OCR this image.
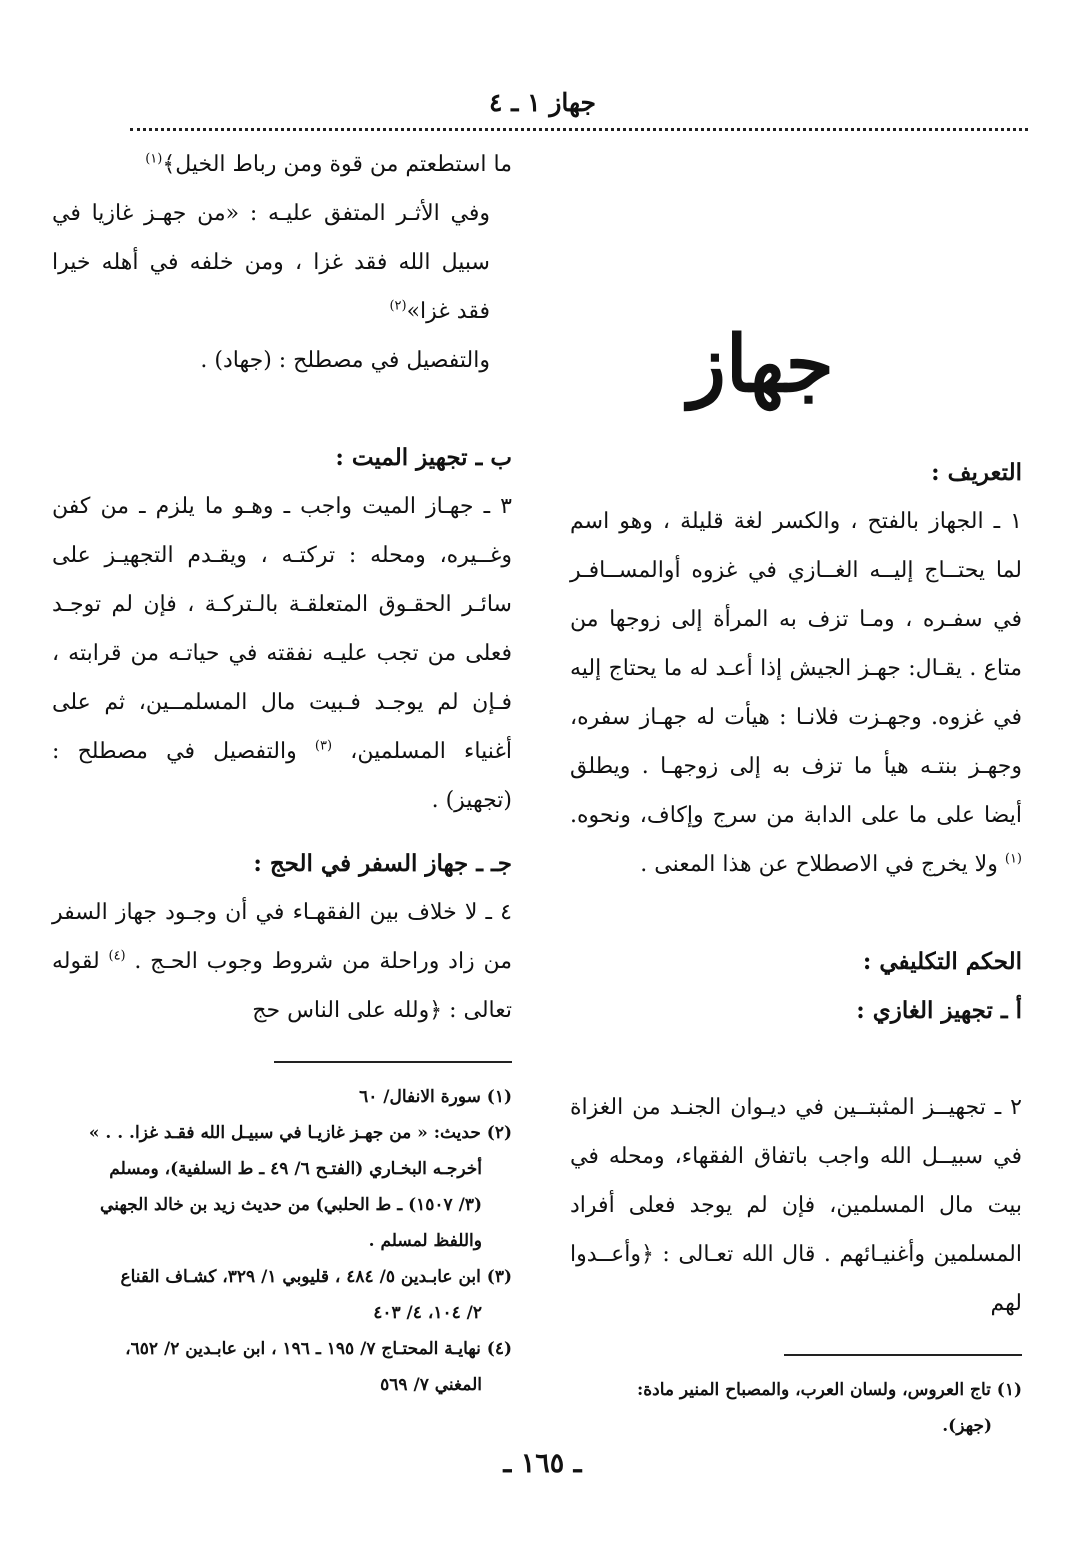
جهاز ١ ـ ٤
جهاز

التعريف :

١ ـ الجهاز بالفتح ، والكسر لغة قليلة ، وهو اسم لما يحتــاج إليــه الغــازي في غزوه أوالمســافـر في سفـره ، ومـا تزف به المرأة إلى زوجها من متاع . يقـال: جهـز الجيش إذا أعـد له ما يحتاج إليه في غزوه. وجهـزت فلانـا : هيأت له جهـاز سفره، وجهـز بنتـه هيأ ما تزف به إلى زوجهـا . ويطلق أيضا على ما على الدابة من سرج وإكاف، ونحوه. $^{(١)}$ ولا يخرج في الاصطلاح عن هذا المعنى .

الحكم التكليفي :

أ ـ تجهيز الغازي :

٢ ـ تجهيــز المثبتــين في ديـوان الجنـد من الغزاة في سبيــل الله واجب باتفاق الفقهاء، ومحله في بيت مال المسلمين، فإن لم يوجد فعلى أفراد المسلمين وأغنيـائهم . قال الله تعـالى : ﴿وأعــدوا لهم

(١) تاج العروس، ولسان العرب، والمصباح المنير مادة:

(جهز).

ما استطعتم من قوة ومن رباط الخيل﴾$^{(١)}$

وفي الأثـر المتفق عليـه : «من جهـز غازيا في سبيل الله فقد غزا ، ومن خلفه في أهله خيرا فقد غزا»$^{(٢)}$

والتفصيل في مصطلح : (جهاد) .

ب ـ تجهيز الميت :

٣ ـ جهـاز الميت واجب ـ وهـو ما يلزم ـ من كفن وغــيره، ومحله : تركتـه ، ويقـدم التجهيـز على سائـر الحقـوق المتعلقـة بالـتركـة ، فإن لم توجـد فعلى من تجب عليـه نفقته في حياتـه من قرابته ، فـإن لم يوجـد فـبيت مال المسلمــين، ثم على أغنياء المسلمين، $^{(٣)}$ والتفصيل في مصطلح : (تجهيز) .

جـ ـ جهاز السفر في الحج :

٤ ـ لا خلاف بين الفقهـاء في أن وجـود جهاز السفر من زاد وراحلة من شروط وجوب الحـج . $^{(٤)}$ لقوله تعالى : ﴿ولله على الناس حج

(١) سورة الانفال/ ٦٠

(٢) حديث: « من جهـز غازيـا في سبيـل الله فقـد غزا. . . »

أخرجـه البخـاري (الفتـح ٦/ ٤٩ ـ ط السلفية)، ومسلم

(٣/ ١٥٠٧) ـ ط الحلبي) من حديث زيد بن خالد الجهني

واللفظ لمسلم .

(٣) ابن عابـدين ٥/ ٤٨٤ ، قليوبي ١/ ٣٢٩، كشـاف القناع

٢/ ١٠٤، ٤/ ٤٠٣

(٤) نهايـة المحتـاج ٧/ ١٩٥ ـ ١٩٦ ، ابن عابـدين ٢/ ٦٥٢،

المغني ٧/ ٥٦٩

ـ ١٦٥ ـ
